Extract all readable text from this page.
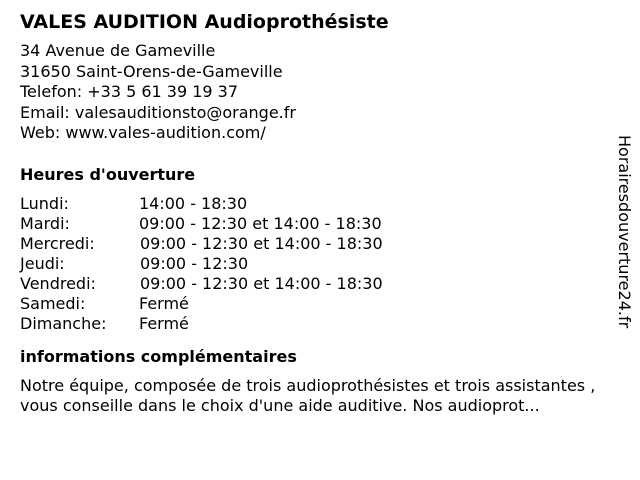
VALES AUDITION Audioprothésiste
34 Avenue de Gameville
31650 Saint-Orens-de-Gameville
Telefon: +33 5 61 39 19 37
Email: valesauditionsto@orange.fr
Web: www.vales-audition.com/
Heures d'ouverture
Lundi:	14:00 - 18:30
Mardi:	09:00 - 12:30 et 14:00 - 18:30
Mercredi:	09:00 - 12:30 et 14:00 - 18:30
Jeudi:	09:00 - 12:30
Vendredi:	09:00 - 12:30 et 14:00 - 18:30
Samedi:	Fermé
Dimanche:	Fermé
informations complémentaires
Notre équipe, composée de trois audioprothésistes et trois assistantes , vous conseille dans le choix d'une aide auditive. Nos audioprot...
Horairesdouverture24.fr
